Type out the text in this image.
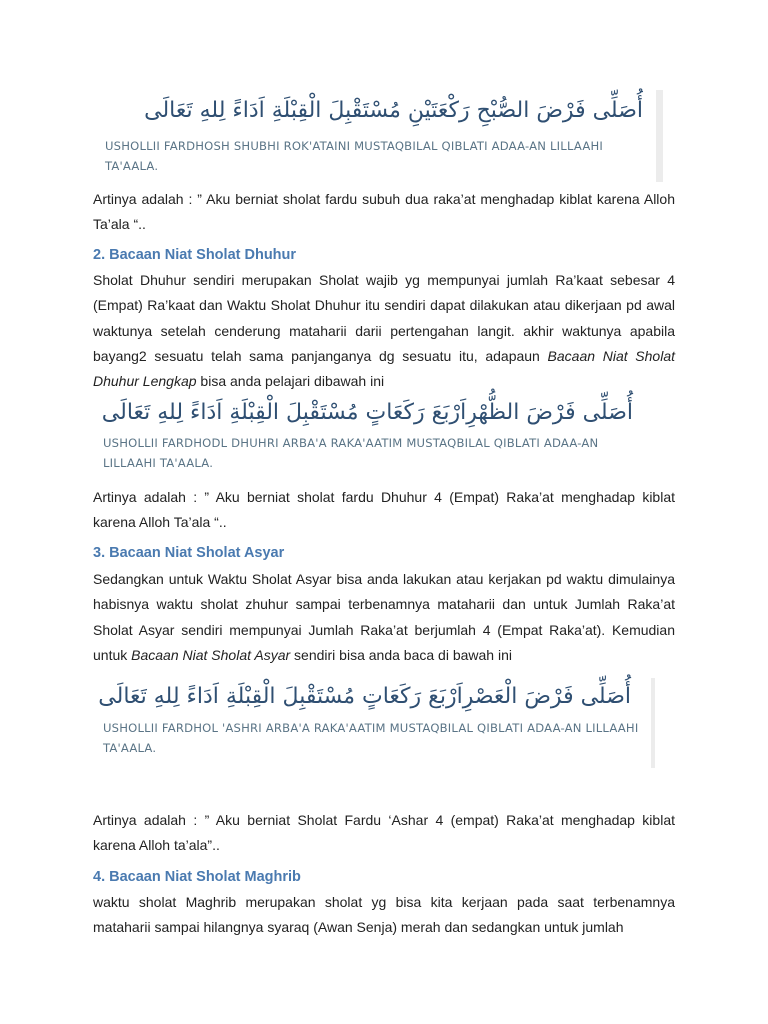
أُصَلِّى فَرْضَ الصُّبْحِ رَكْعَتَيْنِ مُسْتَقْبِلَ الْقِبْلَةِ اَدَاءً لِلهِ تَعَالَى
USHOLLII FARDHOSH SHUBHI ROK'ATAINI MUSTAQBILAL QIBLATI ADAA-AN LILLAAHI TA'AALA.
Artinya adalah : ” Aku berniat sholat fardu subuh dua raka’at menghadap kiblat karena Alloh Ta’ala “..
2. Bacaan Niat Sholat Dhuhur
Sholat Dhuhur sendiri merupakan Sholat wajib yg mempunyai jumlah Ra’kaat sebesar 4 (Empat) Ra’kaat dan Waktu Sholat Dhuhur itu sendiri dapat dilakukan atau dikerjaan pd awal waktunya setelah cenderung mataharii darii pertengahan langit. akhir waktunya apabila bayang2 sesuatu telah sama panjanganya dg sesuatu itu, adapaun Bacaan Niat Sholat Dhuhur Lengkap bisa anda pelajari dibawah ini
أُصَلِّى فَرْضَ الظُّهْرِاَرْبَعَ رَكَعَاتٍ مُسْتَقْبِلَ الْقِبْلَةِ اَدَاءً لِلهِ تَعَالَى
USHOLLII FARDHODL DHUHRI ARBA'A RAKA'AATIM MUSTAQBILAL QIBLATI ADAA-AN LILLAAHI TA'AALA.
Artinya adalah : ” Aku berniat sholat fardu Dhuhur 4 (Empat) Raka’at menghadap kiblat karena Alloh Ta’ala “..
3. Bacaan Niat Sholat Asyar
Sedangkan untuk Waktu Sholat Asyar bisa anda lakukan atau kerjakan pd waktu dimulainya habisnya waktu sholat zhuhur sampai terbenamnya mataharii dan untuk Jumlah Raka’at Sholat Asyar sendiri mempunyai Jumlah Raka’at berjumlah 4 (Empat Raka’at). Kemudian untuk Bacaan Niat Sholat Asyar sendiri bisa anda baca di bawah ini
أُصَلِّى فَرْضَ الْعَصْرِاَرْبَعَ رَكَعَاتٍ مُسْتَقْبِلَ الْقِبْلَةِ اَدَاءً لِلهِ تَعَالَى
USHOLLII FARDHOL 'ASHRI ARBA'A RAKA'AATIM MUSTAQBILAL QIBLATI ADAA-AN LILLAAHI TA'AALA.
Artinya adalah : ” Aku berniat Sholat Fardu ‘Ashar 4 (empat) Raka’at menghadap kiblat karena Alloh ta’ala”..
4. Bacaan Niat Sholat Maghrib
waktu sholat Maghrib merupakan sholat yg bisa kita kerjaan pada saat terbenamnya mataharii sampai hilangnya syaraq (Awan Senja) merah dan sedangkan untuk jumlah
